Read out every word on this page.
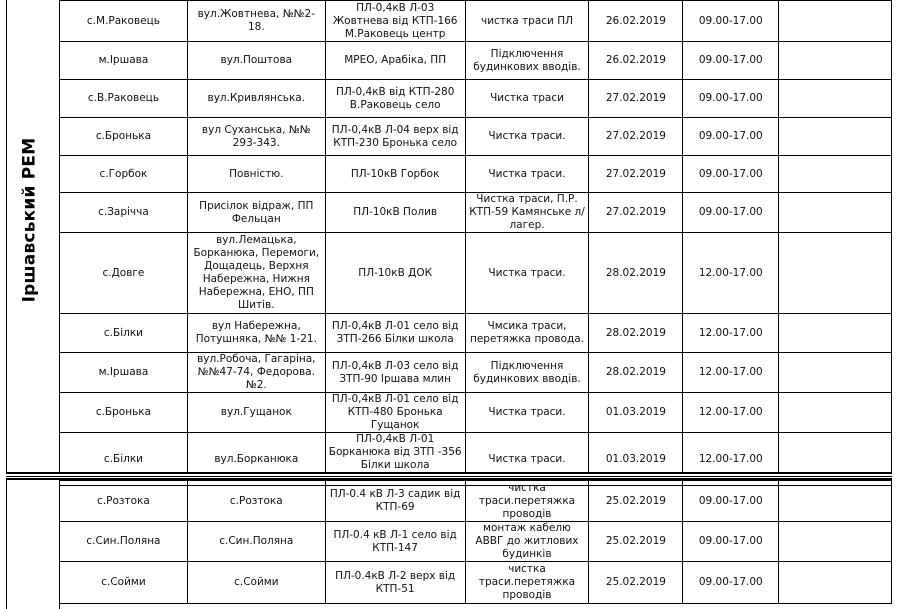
Іршавський РЕМ
с.М.Раковець	вул.Жовтнева, №№2-18.	ПЛ-0,4кВ Л-03 Жовтнева від КТП-166 М.Раковець центр	чистка траси ПЛ	26.02.2019	09.00-17.00	
м.Іршава	вул.Поштова	МРЕО, Арабіка, ПП	Підключення будинкових вводів.	26.02.2019	09.00-17.00	
с.В.Раковець	вул.Кривлянська.	ПЛ-0,4кВ від КТП-280 В.Раковець село	Чистка траси	27.02.2019	09.00-17.00	
с.Бронька	вул Суханська, №№ 293-343.	ПЛ-0,4кВ Л-04 верх від КТП-230 Бронька село	Чистка траси.	27.02.2019	09.00-17.00	
с.Горбок	Повністю.	ПЛ-10кВ Горбок	Чистка траси.	27.02.2019	09.00-17.00	
с.Зарічча	Присілок відраж, ПП Фельцан	ПЛ-10кВ Полив	Чистка траси, П.Р. КТП-59 Камянське л/лагер.	27.02.2019	09.00-17.00	
с.Довге	вул.Лемацька, Борканюка, Перемоги, Дощадець, Верхня Набережна, Нижня Набережна, ЕНО, ПП Шитів.	ПЛ-10кВ ДОК	Чистка траси.	28.02.2019	12.00-17.00	
с.Білки	вул Набережна, Потушняка, №№ 1-21.	ПЛ-0,4кВ Л-01 село від ЗТП-266 Білки школа	Чмсика траси, перетяжка провода.	28.02.2019	12.00-17.00	
м.Іршава	вул.Робоча, Гагаріна, №№47-74, Федорова.№2.	ПЛ-0,4кВ Л-03 село від ЗТП-90 Іршава млин	Підключення будинкових вводів.	28.02.2019	12.00-17.00	
с.Бронька	вул.Гущанок	ПЛ-0,4кВ Л-01 село від КТП-480 Бронька Гущанок	Чистка траси.	01.03.2019	12.00-17.00	
с.Білки	вул.Борканюка	ПЛ-0,4кВ Л-01 Борканюка від ЗТП -356 Білки школа	Чистка траси.	01.03.2019	12.00-17.00	
с.Розтока	с.Розтока	ПЛ-0.4 кВ Л-3 садик від КТП-69	чистка траси.перетяжка проводів	25.02.2019	09.00-17.00	
с.Син.Поляна	с.Син.Поляна	ПЛ-0.4 кВ Л-1 село від КТП-147	монтаж кабелю АВВГ до житлових будинків	25.02.2019	09.00-17.00	
с.Сойми	с.Сойми	ПЛ-0.4кВ Л-2 верх від КТП-51	чистка траси.перетяжка проводів	25.02.2019	09.00-17.00	
